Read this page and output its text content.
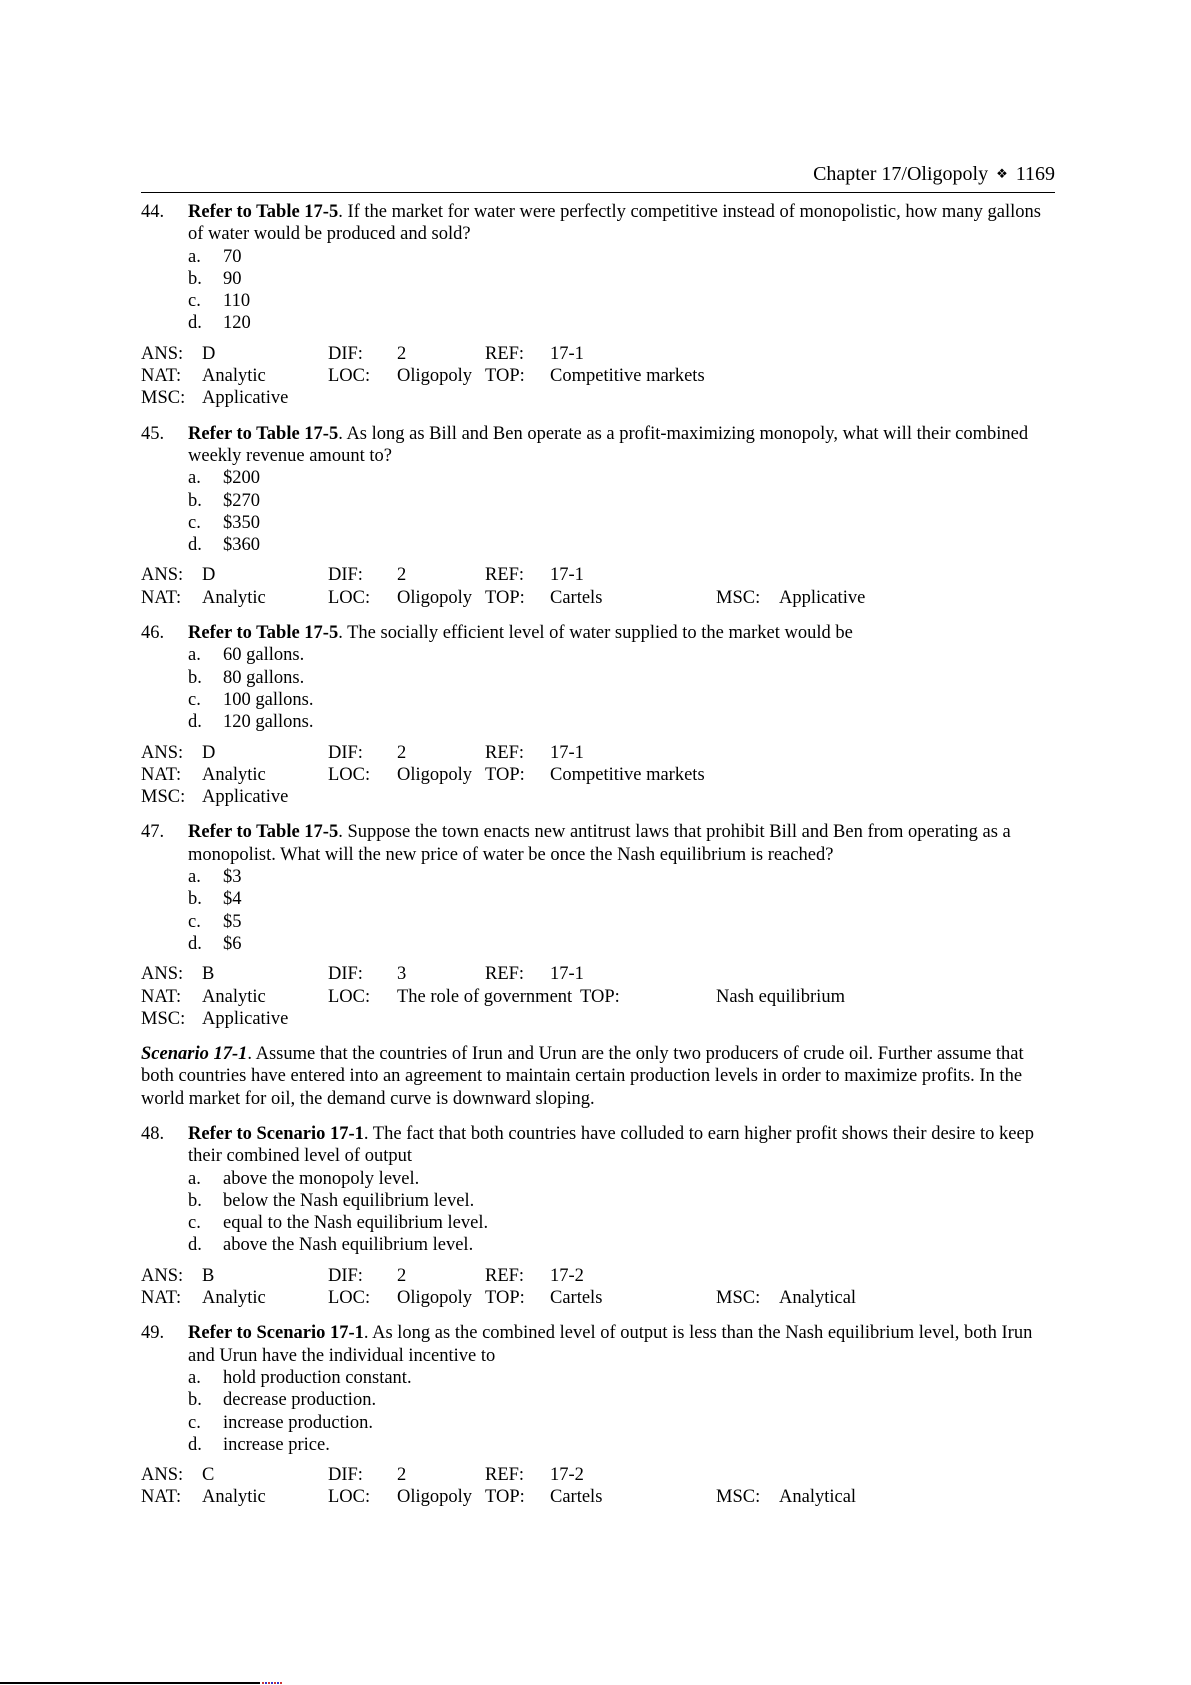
Chapter 17/Oligopoly ❖ 1169
44. Refer to Table 17-5. If the market for water were perfectly competitive instead of monopolistic, how many gallons of water would be produced and sold?
a. 70
b. 90
c. 110
d. 120
ANS: D	DIF: 2	REF: 17-1
NAT: Analytic	LOC: Oligopoly TOP: Competitive markets
MSC: Applicative
45. Refer to Table 17-5. As long as Bill and Ben operate as a profit-maximizing monopoly, what will their combined weekly revenue amount to?
a. $200
b. $270
c. $350
d. $360
ANS: D	DIF: 2	REF: 17-1
NAT: Analytic	LOC: Oligopoly TOP: Cartels	MSC: Applicative
46. Refer to Table 17-5. The socially efficient level of water supplied to the market would be
a. 60 gallons.
b. 80 gallons.
c. 100 gallons.
d. 120 gallons.
ANS: D	DIF: 2	REF: 17-1
NAT: Analytic	LOC: Oligopoly TOP: Competitive markets
MSC: Applicative
47. Refer to Table 17-5. Suppose the town enacts new antitrust laws that prohibit Bill and Ben from operating as a monopolist. What will the new price of water be once the Nash equilibrium is reached?
a. $3
b. $4
c. $5
d. $6
ANS: B	DIF: 3	REF: 17-1
NAT: Analytic	LOC: The role of government TOP:	Nash equilibrium
MSC: Applicative
Scenario 17-1. Assume that the countries of Irun and Urun are the only two producers of crude oil. Further assume that both countries have entered into an agreement to maintain certain production levels in order to maximize profits. In the world market for oil, the demand curve is downward sloping.
48. Refer to Scenario 17-1. The fact that both countries have colluded to earn higher profit shows their desire to keep their combined level of output
a. above the monopoly level.
b. below the Nash equilibrium level.
c. equal to the Nash equilibrium level.
d. above the Nash equilibrium level.
ANS: B	DIF: 2	REF: 17-2
NAT: Analytic	LOC: Oligopoly TOP: Cartels	MSC: Analytical
49. Refer to Scenario 17-1. As long as the combined level of output is less than the Nash equilibrium level, both Irun and Urun have the individual incentive to
a. hold production constant.
b. decrease production.
c. increase production.
d. increase price.
ANS: C	DIF: 2	REF: 17-2
NAT: Analytic	LOC: Oligopoly TOP: Cartels	MSC: Analytical
